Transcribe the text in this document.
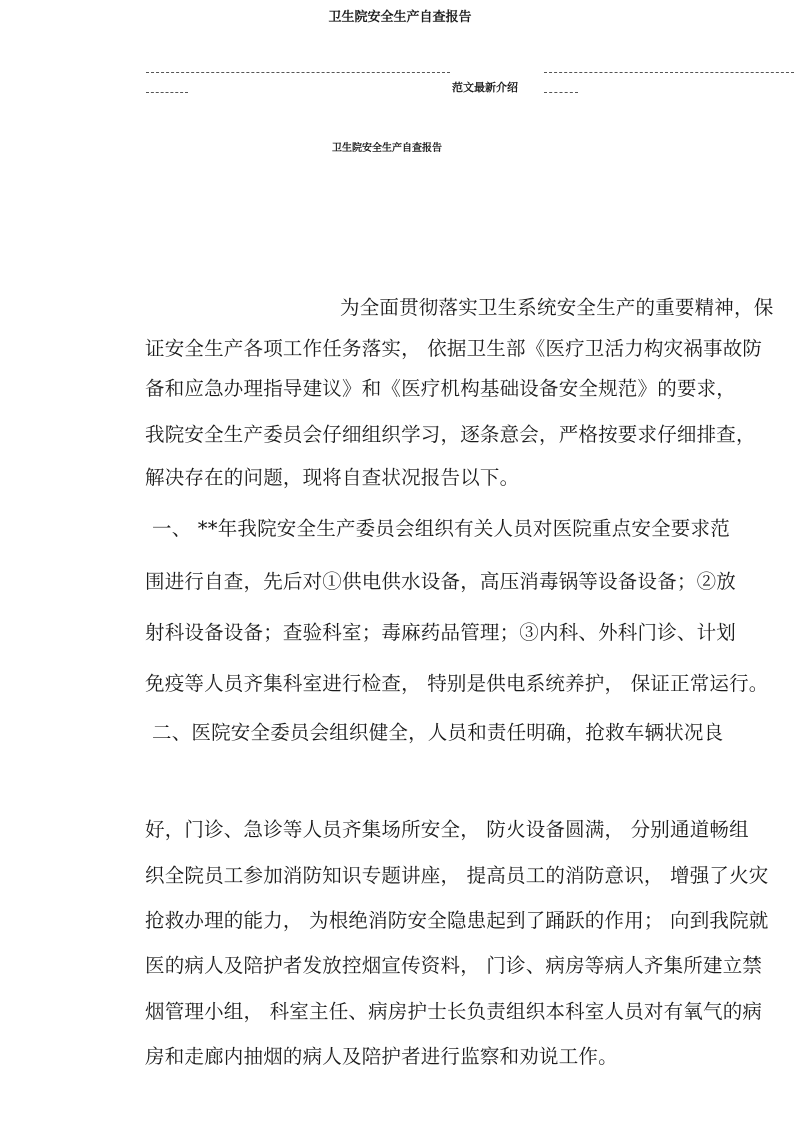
卫生院安全生产自查报告
范文最新介绍
卫生院安全生产自查报告
为全面贯彻落实卫生系统安全生产的重要精神，保
证安全生产各项工作任务落实， 依据卫生部《医疗卫活力构灾祸事故防
备和应急办理指导建议》和《医疗机构基础设备安全规范》的要求，
我院安全生产委员会仔细组织学习，逐条意会，严格按要求仔细排查，
解决存在的问题，现将自查状况报告以下。
一、 **年我院安全生产委员会组织有关人员对医院重点安全要求范
围进行自查，先后对①供电供水设备，高压消毒锅等设备设备；②放
射科设备设备；查验科室；毒麻药品管理；③内科、外科门诊、计划
免疫等人员齐集科室进行检查， 特别是供电系统养护， 保证正常运行。
二、医院安全委员会组织健全，人员和责任明确，抢救车辆状况良
好，门诊、急诊等人员齐集场所安全， 防火设备圆满， 分别通道畅组
织全院员工参加消防知识专题讲座， 提高员工的消防意识， 增强了火灾
抢救办理的能力， 为根绝消防安全隐患起到了踊跃的作用； 向到我院就
医的病人及陪护者发放控烟宣传资料， 门诊、病房等病人齐集所建立禁
烟管理小组， 科室主任、病房护士长负责组织本科室人员对有氧气的病
房和走廊内抽烟的病人及陪护者进行监察和劝说工作。
